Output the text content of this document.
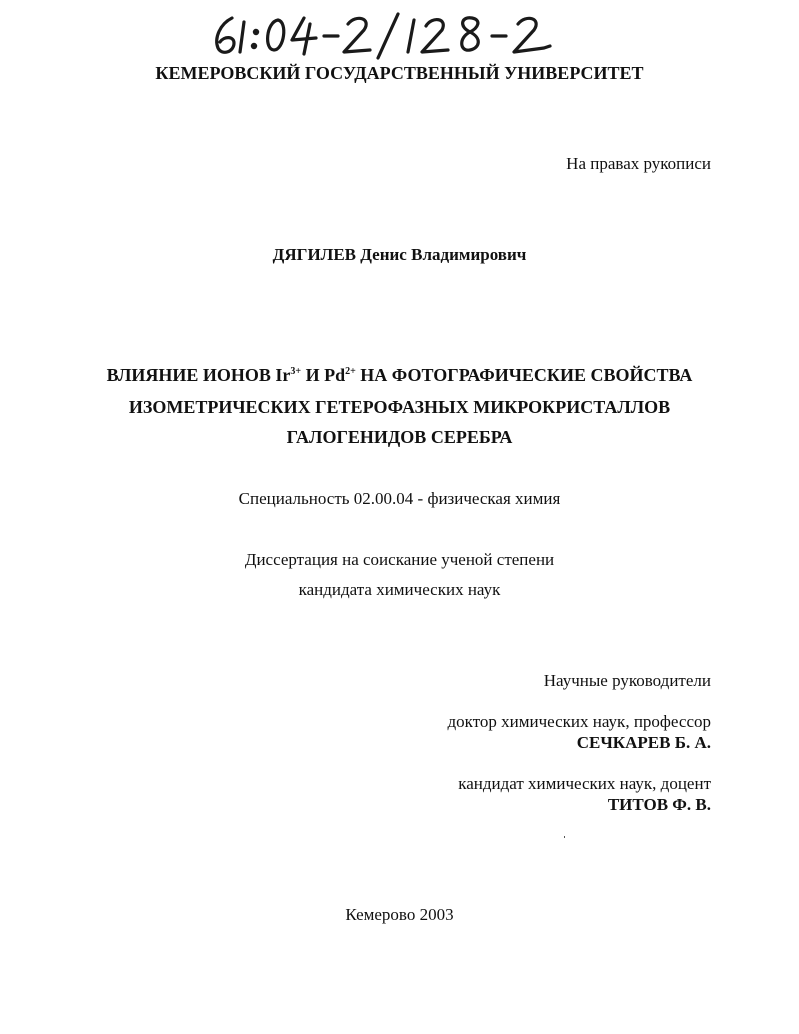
КЕМЕРОВСКИЙ ГОСУДАРСТВЕННЫЙ УНИВЕРСИТЕТ
На правах рукописи
ДЯГИЛЕВ Денис Владимирович
ВЛИЯНИЕ ИОНОВ $Ir^{3+}$ И $Pd^{2+}$ НА ФОТОГРАФИЧЕСКИЕ СВОЙСТВА
ИЗОМЕТРИЧЕСКИХ ГЕТЕРОФАЗНЫХ МИКРОКРИСТАЛЛОВ
ГАЛОГЕНИДОВ СЕРЕБРА
Специальность 02.00.04 - физическая химия
Диссертация на соискание ученой степени
кандидата химических наук
Научные руководители
доктор химических наук, профессор
СЕЧКАРЕВ Б. А.
кандидат химических наук, доцент
ТИТОВ Ф. В.
Кемерово 2003
